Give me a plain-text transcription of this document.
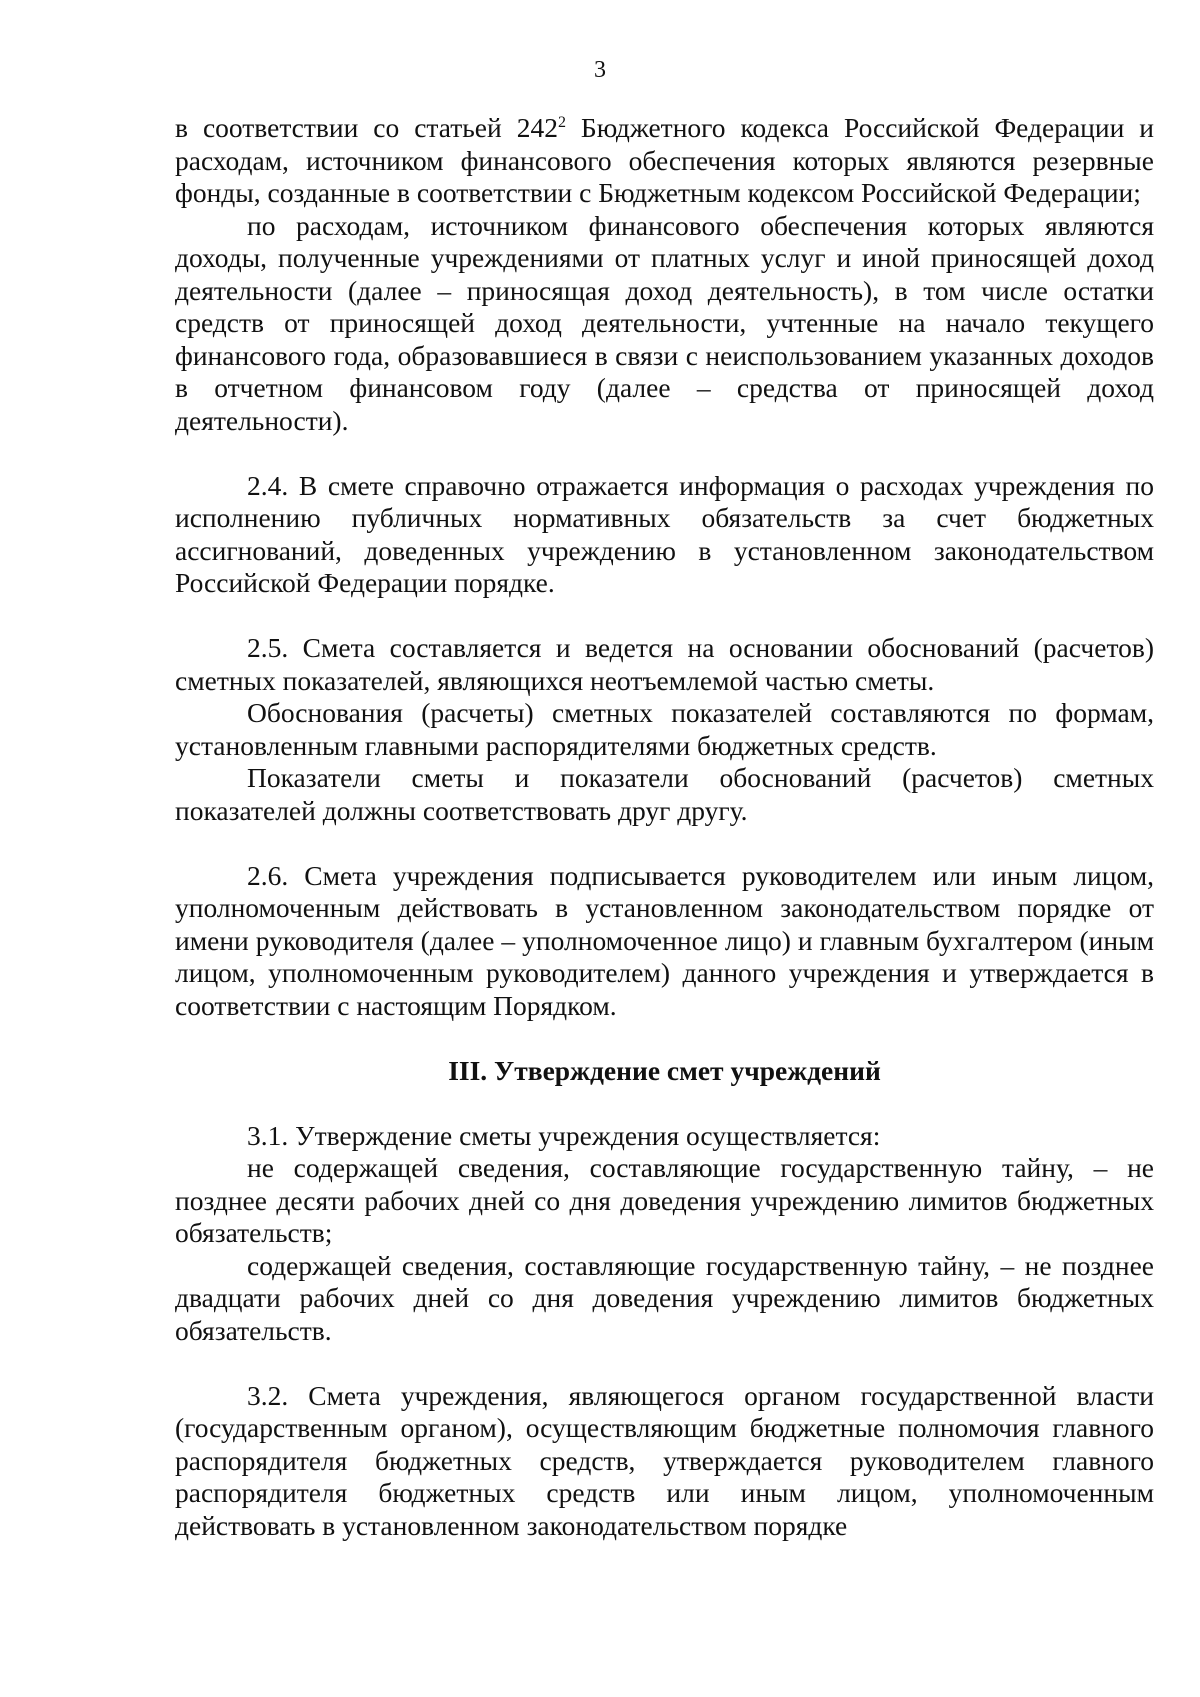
3

в соответствии со статьей $242^2$ Бюджетного кодекса Российской Федерации и расходам, источником финансового обеспечения которых являются резервные фонды, созданные в соответствии с Бюджетным кодексом Российской Федерации;

по расходам, источником финансового обеспечения которых являются доходы, полученные учреждениями от платных услуг и иной приносящей доход деятельности (далее – приносящая доход деятельность), в том числе остатки средств от приносящей доход деятельности, учтенные на начало текущего финансового года, образовавшиеся в связи с неиспользованием указанных доходов в отчетном финансовом году (далее – средства от приносящей доход деятельности).

2.4. В смете справочно отражается информация о расходах учреждения по исполнению публичных нормативных обязательств за счет бюджетных ассигнований, доведенных учреждению в установленном законодательством Российской Федерации порядке.

2.5. Смета составляется и ведется на основании обоснований (расчетов) сметных показателей, являющихся неотъемлемой частью сметы.

Обоснования (расчеты) сметных показателей составляются по формам, установленным главными распорядителями бюджетных средств.

Показатели сметы и показатели обоснований (расчетов) сметных показателей должны соответствовать друг другу.

2.6. Смета учреждения подписывается руководителем или иным лицом, уполномоченным действовать в установленном законодательством порядке от имени руководителя (далее – уполномоченное лицо) и главным бухгалтером (иным лицом, уполномоченным руководителем) данного учреждения и утверждается в соответствии с настоящим Порядком.

III. Утверждение смет учреждений

3.1. Утверждение сметы учреждения осуществляется:

не содержащей сведения, составляющие государственную тайну, – не позднее десяти рабочих дней со дня доведения учреждению лимитов бюджетных обязательств;

содержащей сведения, составляющие государственную тайну, – не позднее двадцати рабочих дней со дня доведения учреждению лимитов бюджетных обязательств.

3.2. Смета учреждения, являющегося органом государственной власти (государственным органом), осуществляющим бюджетные полномочия главного распорядителя бюджетных средств, утверждается руководителем главного распорядителя бюджетных средств или иным лицом, уполномоченным действовать в установленном законодательством порядке
